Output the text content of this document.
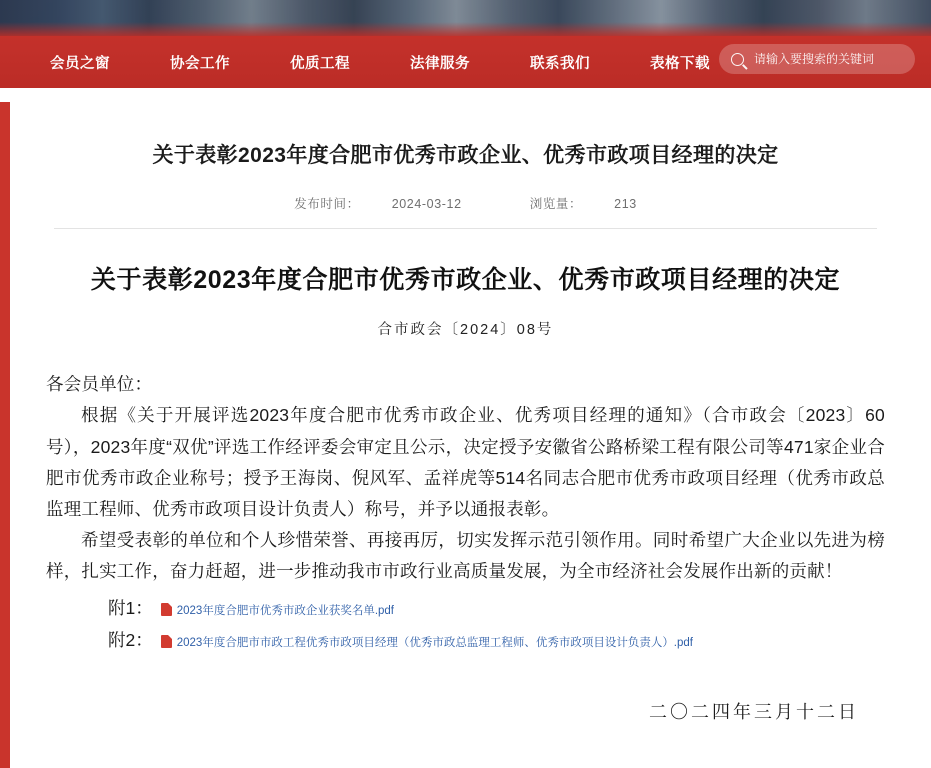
会员之窗	协会工作	优质工程	法律服务	联系我们	表格下载
请输入要搜索的关键词
关于表彰2023年度合肥市优秀市政企业、优秀市政项目经理的决定
发布时间：	2024-03-12	浏览量：	213
关于表彰2023年度合肥市优秀市政企业、优秀市政项目经理的决定
合市政会〔2024〕08号

各会员单位：

根据《关于开展评选2023年度合肥市优秀市政企业、优秀项目经理的通知》（合市政会〔2023〕60号），2023年度“双优”评选工作经评委会审定且公示，决定授予安徽省公路桥梁工程有限公司等471家企业合肥市优秀市政企业称号；授予王海岗、倪风军、孟祥虎等514名同志合肥市优秀市政项目经理（优秀市政总监理工程师、优秀市政项目设计负责人）称号，并予以通报表彰。

希望受表彰的单位和个人珍惜荣誉、再接再厉，切实发挥示范引领作用。同时希望广大企业以先进为榜样，扎实工作，奋力赶超，进一步推动我市市政行业高质量发展，为全市经济社会发展作出新的贡献！

附1： 2023年度合肥市优秀市政企业获奖名单.pdf
附2： 2023年度合肥市市政工程优秀市政项目经理（优秀市政总监理工程师、优秀市政项目设计负责人）.pdf
二〇二四年三月十二日
